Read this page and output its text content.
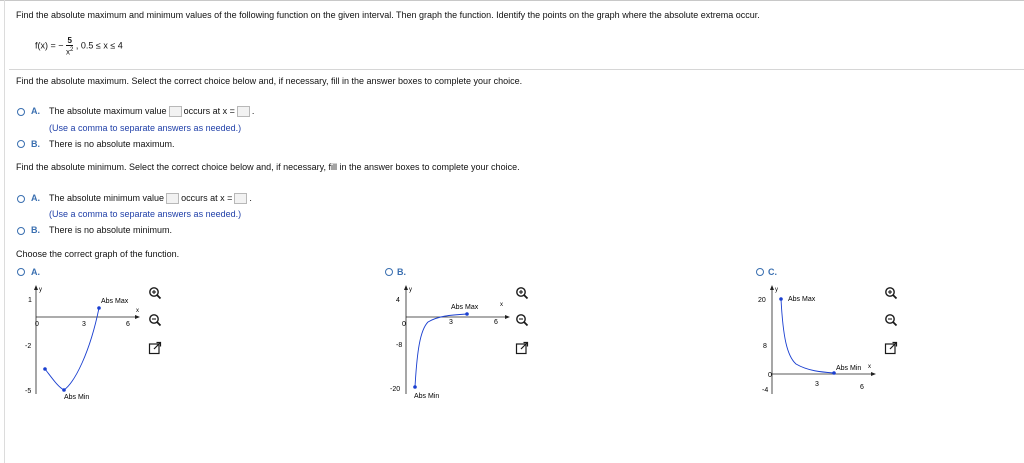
Find the absolute maximum and minimum values of the following function on the given interval. Then graph the function. Identify the points on the graph where the absolute extrema occur.
f(x) = − $\frac{5}{x^2}$ , 0.5 ≤ x ≤ 4
Find the absolute maximum. Select the correct choice below and, if necessary, fill in the answer boxes to complete your choice.
A. The absolute maximum value occurs at x = .
(Use a comma to separate answers as needed.)
B. There is no absolute maximum.
Find the absolute minimum. Select the correct choice below and, if necessary, fill in the answer boxes to complete your choice.
A. The absolute minimum value occurs at x = .
(Use a comma to separate answers as needed.)
B. There is no absolute minimum.
Choose the correct graph of the function.
A.
y
x
1
0
-2
-5
3	6
Abs Max
Abs Min
B.
y
x
4
0
-8
-20
3	6
Abs Max
Abs Min
C.
y
x
20
8
0
-4
3	6
Abs Max
Abs Min
